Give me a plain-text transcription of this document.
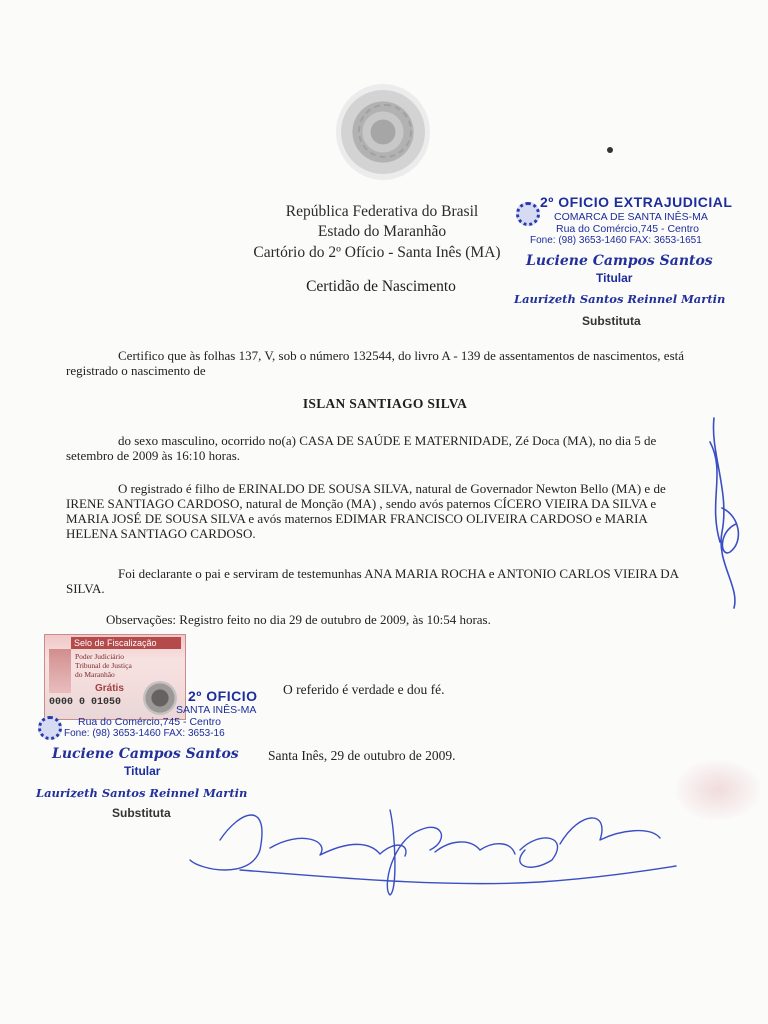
República Federativa do Brasil
Estado do Maranhão
Cartório do 2º Ofício - Santa Inês (MA)
Certidão de Nascimento
2º OFICIO EXTRAJUDICIAL
COMARCA DE SANTA INÊS-MA
Rua do Comércio,745 - Centro
Fone: (98) 3653-1460 FAX: 3653-1651
Luciene Campos Santos
Titular
Laurizeth Santos Reinnel Martin
Substituta
Certifico que às folhas 137, V, sob o número 132544, do livro A - 139 de assentamentos de nascimentos, está registrado o nascimento de
ISLAN SANTIAGO SILVA
do sexo masculino, ocorrido no(a) CASA DE SAÚDE E MATERNIDADE, Zé Doca (MA), no dia 5 de setembro de 2009 às 16:10 horas.
O registrado é filho de ERINALDO DE SOUSA SILVA, natural de Governador Newton Bello (MA) e de IRENE SANTIAGO CARDOSO, natural de Monção (MA) , sendo avós paternos CÍCERO VIEIRA DA SILVA e MARIA JOSÉ DE SOUSA SILVA e avós maternos EDIMAR FRANCISCO OLIVEIRA CARDOSO e MARIA HELENA SANTIAGO CARDOSO.
Foi declarante o pai e serviram de testemunhas ANA MARIA ROCHA e ANTONIO CARLOS VIEIRA DA SILVA.
Observações: Registro feito no dia 29 de outubro de 2009, às 10:54 horas.
O referido é verdade e dou fé.
Santa Inês, 29 de outubro de 2009.
Selo de Fiscalização
Poder Judiciário
Tribunal de Justiça
do Maranhão
Grátis
0000 0 01050	2º OFICIO
SANTA INÊS-MA
Rua do Comércio,745 - Centro
Fone: (98) 3653-1460 FAX: 3653-16
Luciene Campos Santos
Titular
Laurizeth Santos Reinnel Martin
Substituta
